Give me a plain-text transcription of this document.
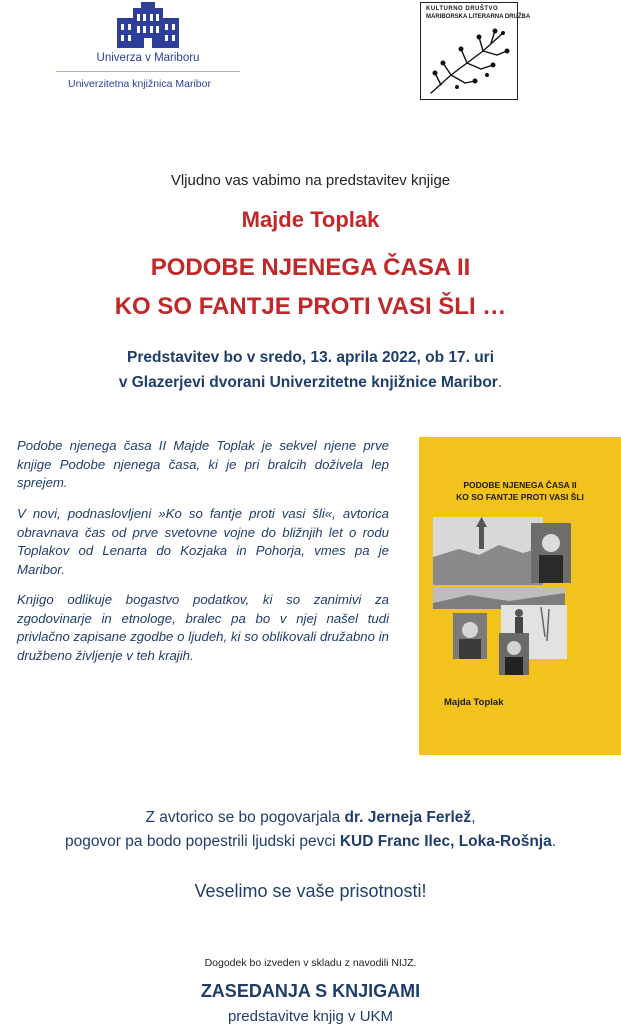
Univerza v Mariboru
Univerzitetna knjižnica Maribor
KULTURNO DRUŠTVO
MARIBORSKA LITERARNA DRUŽBA
Vljudno vas vabimo na predstavitev knjige
Majde Toplak
PODOBE NJENEGA ČASA II
KO SO FANTJE PROTI VASI ŠLI …
Predstavitev bo v sredo, 13. aprila 2022, ob 17. uri
v Glazerjevi dvorani Univerzitetne knjižnice Maribor.

Podobe njenega časa II Majde Toplak je sekvel njene prve knjige Podobe njenega časa, ki je pri bralcih doživela lep sprejem.

V novi, podnaslovljeni »Ko so fantje proti vasi šli«, avtorica obravnava čas od prve svetovne vojne do bližnjih let o rodu Toplakov od Lenarta do Kozjaka in Pohorja, vmes pa je Maribor.

Knjigo odlikuje bogastvo podatkov, ki so zanimivi za zgodovinarje in etnologe, bralec pa bo v njej našel tudi privlačno zapisane zgodbe o ljudeh, ki so oblikovali družabno in družbeno življenje v teh krajih.

PODOBE NJENEGA ČASA II
KO SO FANTJE PROTI VASI ŠLI
Majda Toplak
Z avtorico se bo pogovarjala dr. Jerneja Ferlež,
pogovor pa bodo popestrili ljudski pevci KUD Franc Ilec, Loka-Rošnja.
Veselimo se vaše prisotnosti!
Dogodek bo izveden v skladu z navodili NIJZ.
ZASEDANJA S KNJIGAMI
predstavitve knjig v UKM
